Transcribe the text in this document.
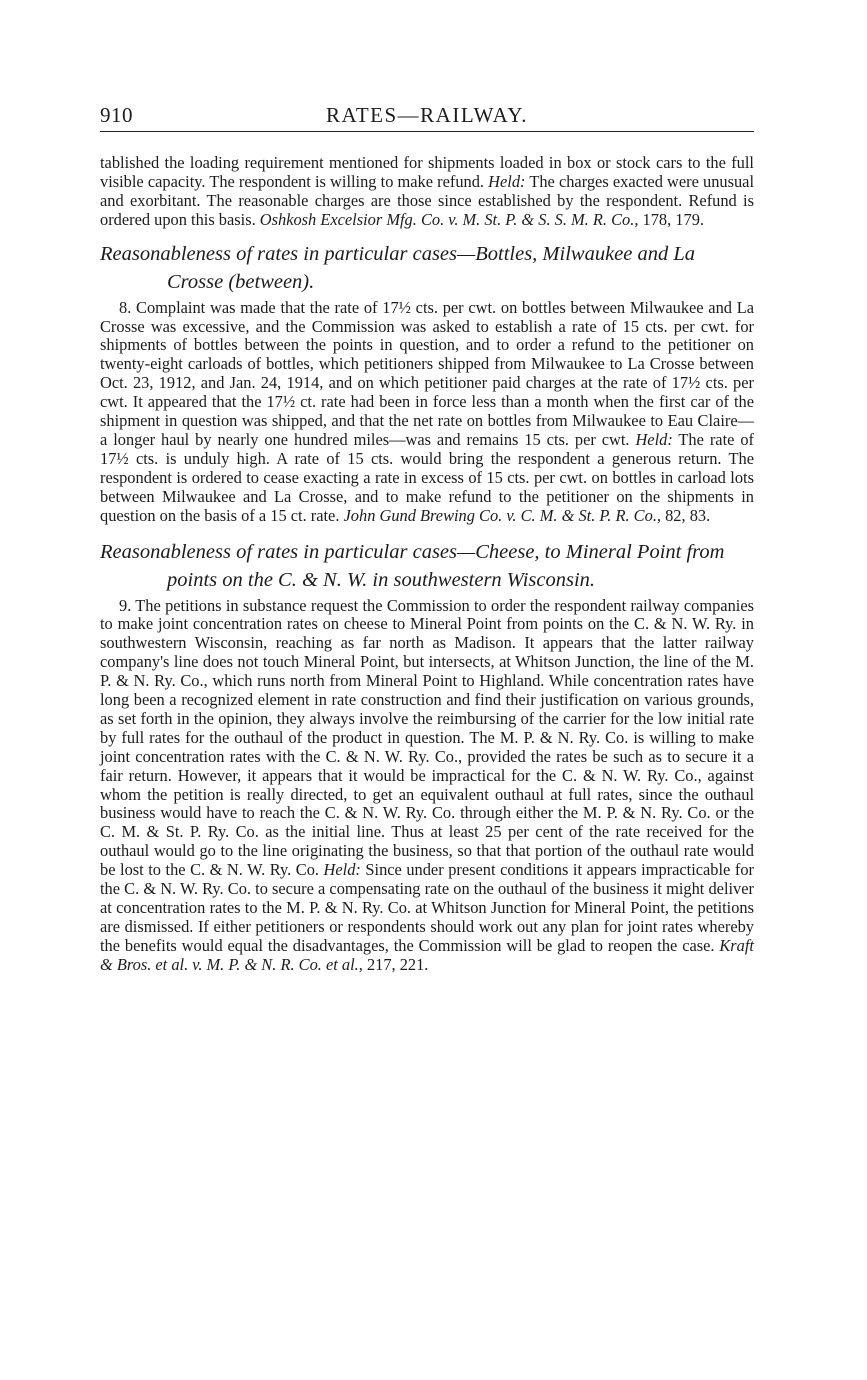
910	RATES—RAILWAY.

tablished the loading requirement mentioned for shipments loaded in box or stock cars to the full visible capacity. The respondent is willing to make refund. Held: The charges exacted were unusual and exorbitant. The reasonable charges are those since established by the respondent. Refund is ordered upon this basis. Oshkosh Excelsior Mfg. Co. v. M. St. P. & S. S. M. R. Co., 178, 179.

Reasonableness of rates in particular cases—Bottles, Milwaukee and La Crosse (between).

8. Complaint was made that the rate of 17½ cts. per cwt. on bottles between Milwaukee and La Crosse was excessive, and the Commission was asked to establish a rate of 15 cts. per cwt. for shipments of bottles between the points in question, and to order a refund to the petitioner on twenty-eight carloads of bottles, which petitioners shipped from Milwaukee to La Crosse between Oct. 23, 1912, and Jan. 24, 1914, and on which petitioner paid charges at the rate of 17½ cts. per cwt. It appeared that the 17½ ct. rate had been in force less than a month when the first car of the shipment in question was shipped, and that the net rate on bottles from Milwaukee to Eau Claire—a longer haul by nearly one hundred miles—was and remains 15 cts. per cwt. Held: The rate of 17½ cts. is unduly high. A rate of 15 cts. would bring the respondent a generous return. The respondent is ordered to cease exacting a rate in excess of 15 cts. per cwt. on bottles in carload lots between Milwaukee and La Crosse, and to make refund to the petitioner on the shipments in question on the basis of a 15 ct. rate. John Gund Brewing Co. v. C. M. & St. P. R. Co., 82, 83.

Reasonableness of rates in particular cases—Cheese, to Mineral Point from points on the C. & N. W. in southwestern Wisconsin.

9. The petitions in substance request the Commission to order the respondent railway companies to make joint concentration rates on cheese to Mineral Point from points on the C. & N. W. Ry. in southwestern Wisconsin, reaching as far north as Madison. It appears that the latter railway company's line does not touch Mineral Point, but intersects, at Whitson Junction, the line of the M. P. & N. Ry. Co., which runs north from Mineral Point to Highland. While concentration rates have long been a recognized element in rate construction and find their justification on various grounds, as set forth in the opinion, they always involve the reimbursing of the carrier for the low initial rate by full rates for the outhaul of the product in question. The M. P. & N. Ry. Co. is willing to make joint concentration rates with the C. & N. W. Ry. Co., provided the rates be such as to secure it a fair return. However, it appears that it would be impractical for the C. & N. W. Ry. Co., against whom the petition is really directed, to get an equivalent outhaul at full rates, since the outhaul business would have to reach the C. & N. W. Ry. Co. through either the M. P. & N. Ry. Co. or the C. M. & St. P. Ry. Co. as the initial line. Thus at least 25 per cent of the rate received for the outhaul would go to the line originating the business, so that that portion of the outhaul rate would be lost to the C. & N. W. Ry. Co. Held: Since under present conditions it appears impracticable for the C. & N. W. Ry. Co. to secure a compensating rate on the outhaul of the business it might deliver at concentration rates to the M. P. & N. Ry. Co. at Whitson Junction for Mineral Point, the petitions are dismissed. If either petitioners or respondents should work out any plan for joint rates whereby the benefits would equal the disadvantages, the Commission will be glad to reopen the case. Kraft & Bros. et al. v. M. P. & N. R. Co. et al., 217, 221.
